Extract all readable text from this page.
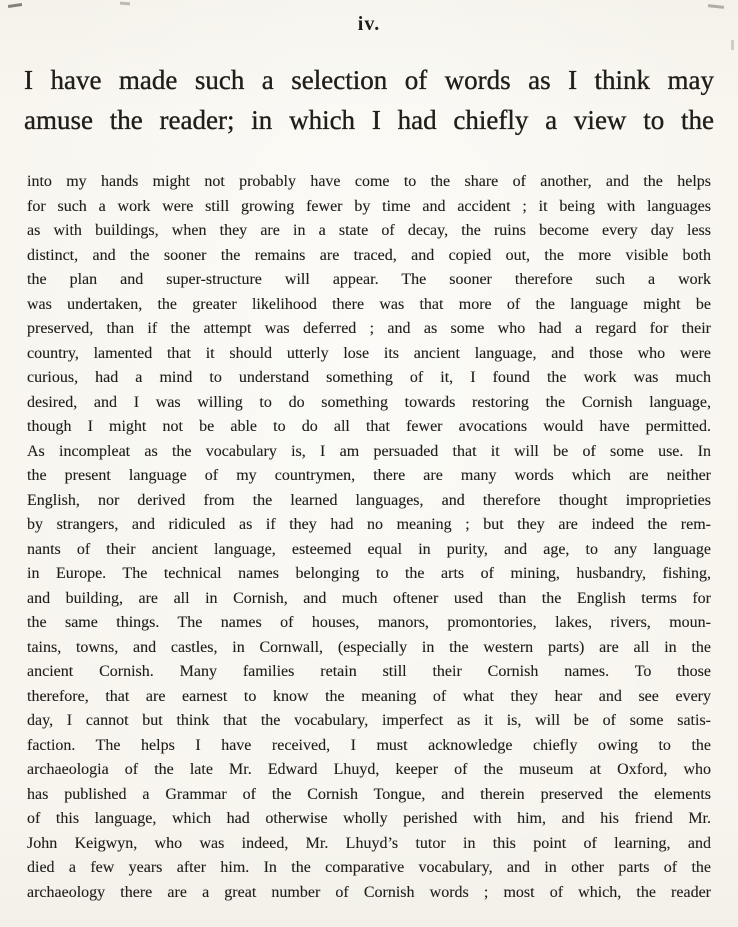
iv.
I have made such a selection of words as I think may
amuse the reader; in which I had chiefly a view to the
into my hands might not probably have come to the share of another, and the helps
for such a work were still growing fewer by time and accident ; it being with languages
as with buildings, when they are in a state of decay, the ruins become every day less
distinct, and the sooner the remains are traced, and copied out, the more visible both
the plan and super-structure will appear. The sooner therefore such a work
was undertaken, the greater likelihood there was that more of the language might be
preserved, than if the attempt was deferred ; and as some who had a regard for their
country, lamented that it should utterly lose its ancient language, and those who were
curious, had a mind to understand something of it, I found the work was much
desired, and I was willing to do something towards restoring the Cornish language,
though I might not be able to do all that fewer avocations would have permitted.
As incompleat as the vocabulary is, I am persuaded that it will be of some use. In
the present language of my countrymen, there are many words which are neither
English, nor derived from the learned languages, and therefore thought improprieties
by strangers, and ridiculed as if they had no meaning ; but they are indeed the rem-
nants of their ancient language, esteemed equal in purity, and age, to any language
in Europe. The technical names belonging to the arts of mining, husbandry, fishing,
and building, are all in Cornish, and much oftener used than the English terms for
the same things. The names of houses, manors, promontories, lakes, rivers, moun-
tains, towns, and castles, in Cornwall, (especially in the western parts) are all in the
ancient Cornish. Many families retain still their Cornish names. To those
therefore, that are earnest to know the meaning of what they hear and see every
day, I cannot but think that the vocabulary, imperfect as it is, will be of some satis-
faction. The helps I have received, I must acknowledge chiefly owing to the
archaeologia of the late Mr. Edward Lhuyd, keeper of the museum at Oxford, who
has published a Grammar of the Cornish Tongue, and therein preserved the elements
of this language, which had otherwise wholly perished with him, and his friend Mr.
John Keigwyn, who was indeed, Mr. Lhuyd’s tutor in this point of learning, and
died a few years after him. In the comparative vocabulary, and in other parts of the
archaeology there are a great number of Cornish words ; most of which, the reader
